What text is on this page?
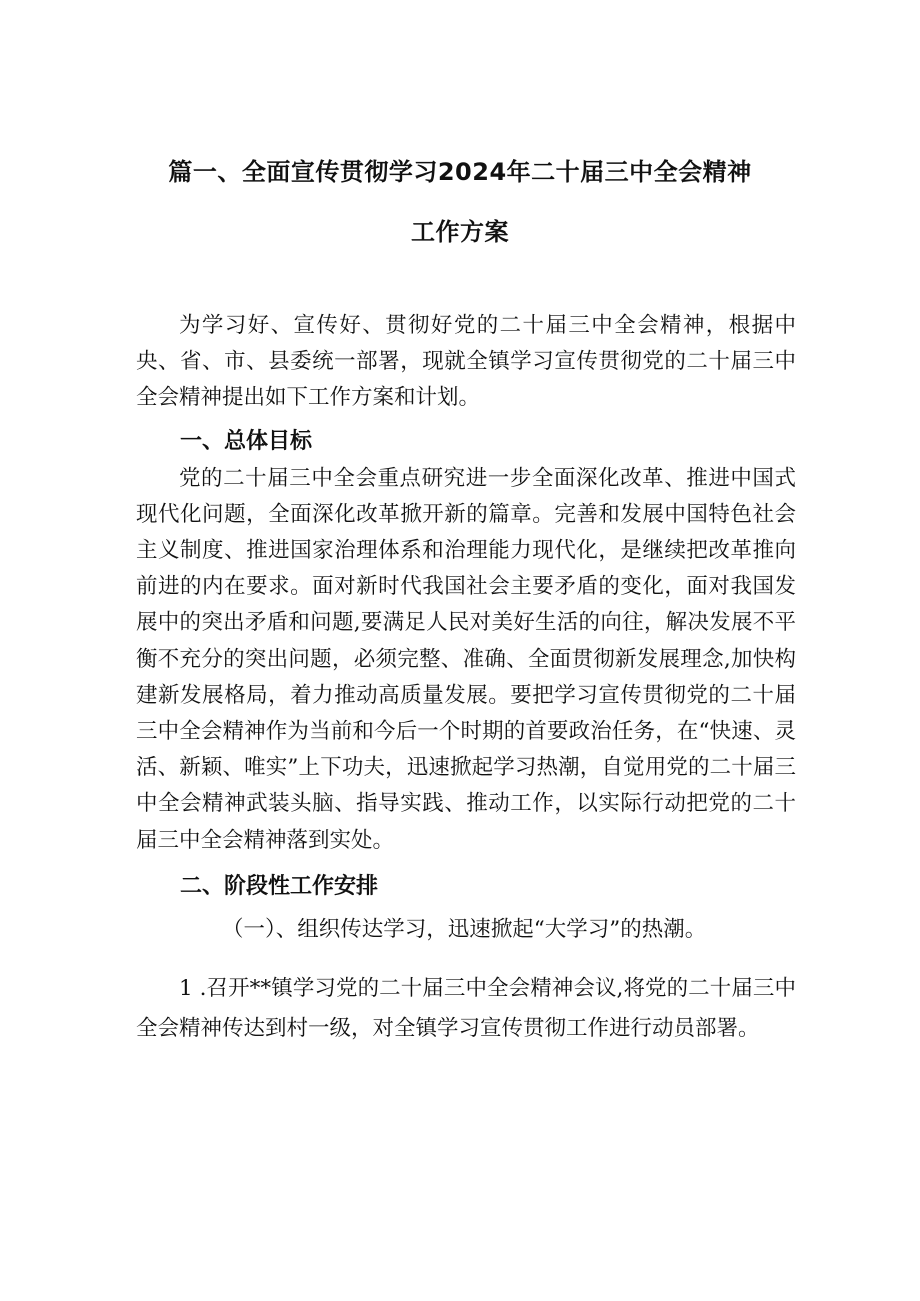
篇一、全面宣传贯彻学习2024年二十届三中全会精神
工作方案

为学习好、宣传好、贯彻好党的二十届三中全会精神，根据中央、省、市、县委统一部署，现就全镇学习宣传贯彻党的二十届三中全会精神提出如下工作方案和计划。

一、总体目标

党的二十届三中全会重点研究进一步全面深化改革、推进中国式现代化问题，全面深化改革掀开新的篇章。完善和发展中国特色社会主义制度、推进国家治理体系和治理能力现代化，是继续把改革推向前进的内在要求。面对新时代我国社会主要矛盾的变化，面对我国发展中的突出矛盾和问题,要满足人民对美好生活的向往，解决发展不平衡不充分的突出问题，必须完整、准确、全面贯彻新发展理念,加快构建新发展格局，着力推动高质量发展。要把学习宣传贯彻党的二十届三中全会精神作为当前和今后一个时期的首要政治任务，在“快速、灵活、新颖、唯实”上下功夫，迅速掀起学习热潮，自觉用党的二十届三中全会精神武装头脑、指导实践、推动工作，以实际行动把党的二十届三中全会精神落到实处。

二、阶段性工作安排

（一）、组织传达学习，迅速掀起“大学习”的热潮。

1 .召开**镇学习党的二十届三中全会精神会议,将党的二十届三中全会精神传达到村一级，对全镇学习宣传贯彻工作进行动员部署。
